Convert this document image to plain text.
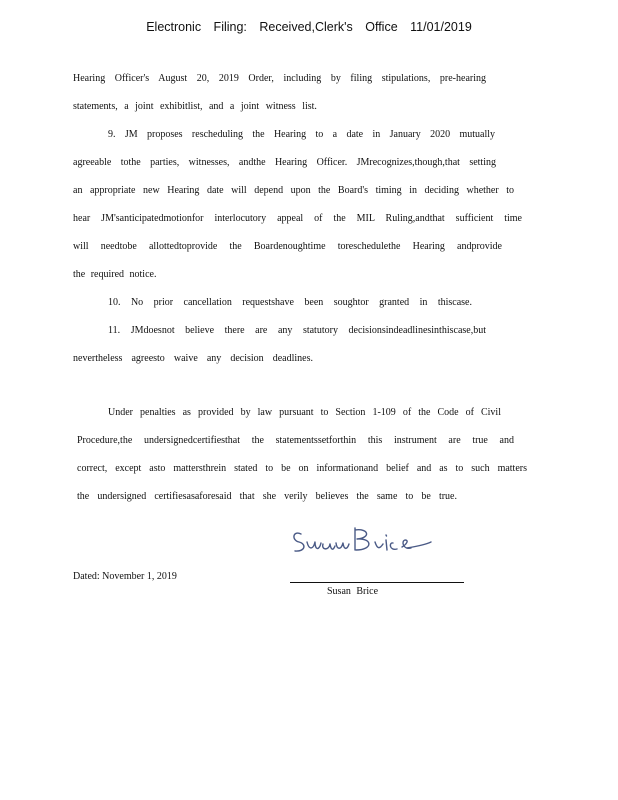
Electronic Filing: Received,Clerk's Office 11/01/2019
Hearing Officer's August 20, 2019 Order, including by filing stipulations, pre-hearing
statements, a joint exhibitlist, and a joint witness list.
9. JM proposes rescheduling the Hearing to a date in January 2020 mutually
agreeable tothe parties, witnesses, andthe Hearing Officer. JMrecognizes,though,that setting
an appropriate new Hearing date will depend upon the Board's timing in deciding whether to
hear JM'santicipatedmotionfor interlocutory appeal of the MIL Ruling,andthat sufficient time
will needtobe allottedtoprovide the Boardenoughtime toreschedulethe Hearing andprovide
the required notice.
10. No prior cancellation requestshave been soughtor granted in thiscase.
11. JMdoesnot believe there are any statutory decisionsindeadlinesinthiscase,but
nevertheless agreesto waive any decision deadlines.
Under penalties as provided by law pursuant to Section 1-109 of the Code of Civil
Procedure,the undersignedcertifiesthat the statementssetforthin this instrument are true and
correct, except asto mattersthrein stated to be on informationand belief and as to such matters
the undersigned certifiesasaforesaid that she verily believes the same to be true.
Dated: November 1, 2019
Susan Brice
